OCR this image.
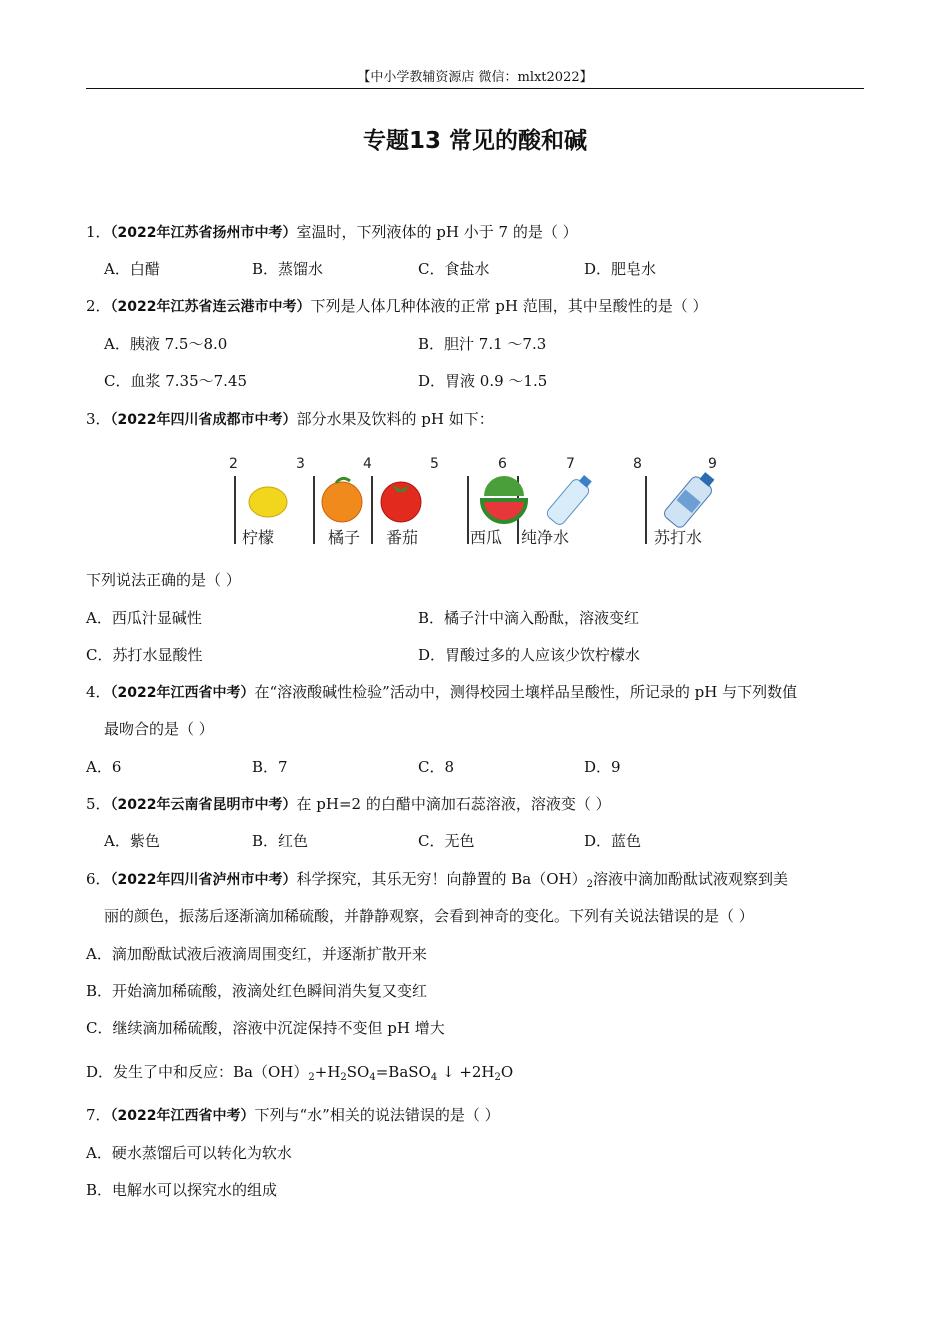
【中小学教辅资源店 微信：mlxt2022】
专题13 常见的酸和碱
1．（2022年江苏省扬州市中考）室温时，下列液体的 pH 小于 7 的是（ ）
A．白醋	B．蒸馏水	C．食盐水	D．肥皂水
2．（2022年江苏省连云港市中考）下列是人体几种体液的正常 pH 范围，其中呈酸性的是（ ）
A．胰液 7.5～8.0	B．胆汁 7.1 ～7.3
C．血浆 7.35～7.45	D．胃液 0.9 ～1.5
3．（2022年四川省成都市中考）部分水果及饮料的 pH 如下：
2	3	4	5	6	7	8	9
柠檬	橘子 番茄	西瓜 纯净水	苏打水
下列说法正确的是（ ）
A．西瓜汁显碱性	B．橘子汁中滴入酚酞，溶液变红
C．苏打水显酸性	D．胃酸过多的人应该少饮柠檬水
4．（2022年江西省中考）在“溶液酸碱性检验”活动中，测得校园土壤样品呈酸性，所记录的 pH 与下列数值
最吻合的是（ ）
A．6	B．7	C．8	D．9
5．（2022年云南省昆明市中考）在 pH=2 的白醋中滴加石蕊溶液，溶液变（ ）
A．紫色	B．红色	C．无色	D．蓝色
6．（2022年四川省泸州市中考）科学探究，其乐无穷！向静置的 $Ba(OH)_2$溶液中滴加酚酞试液观察到美
丽的颜色，振荡后逐渐滴加稀硫酸，并静静观察，会看到神奇的变化。下列有关说法错误的是（ ）
A．滴加酚酞试液后液滴周围变红，并逐渐扩散开来
B．开始滴加稀硫酸，液滴处红色瞬间消失复又变红
C．继续滴加稀硫酸，溶液中沉淀保持不变但 pH 增大
D．发生了中和反应：$Ba(OH)_2+H_2SO_4=BaSO_4$ ↓ $+2H_2O$
7．（2022年江西省中考）下列与“水”相关的说法错误的是（ ）
A．硬水蒸馏后可以转化为软水
B．电解水可以探究水的组成
